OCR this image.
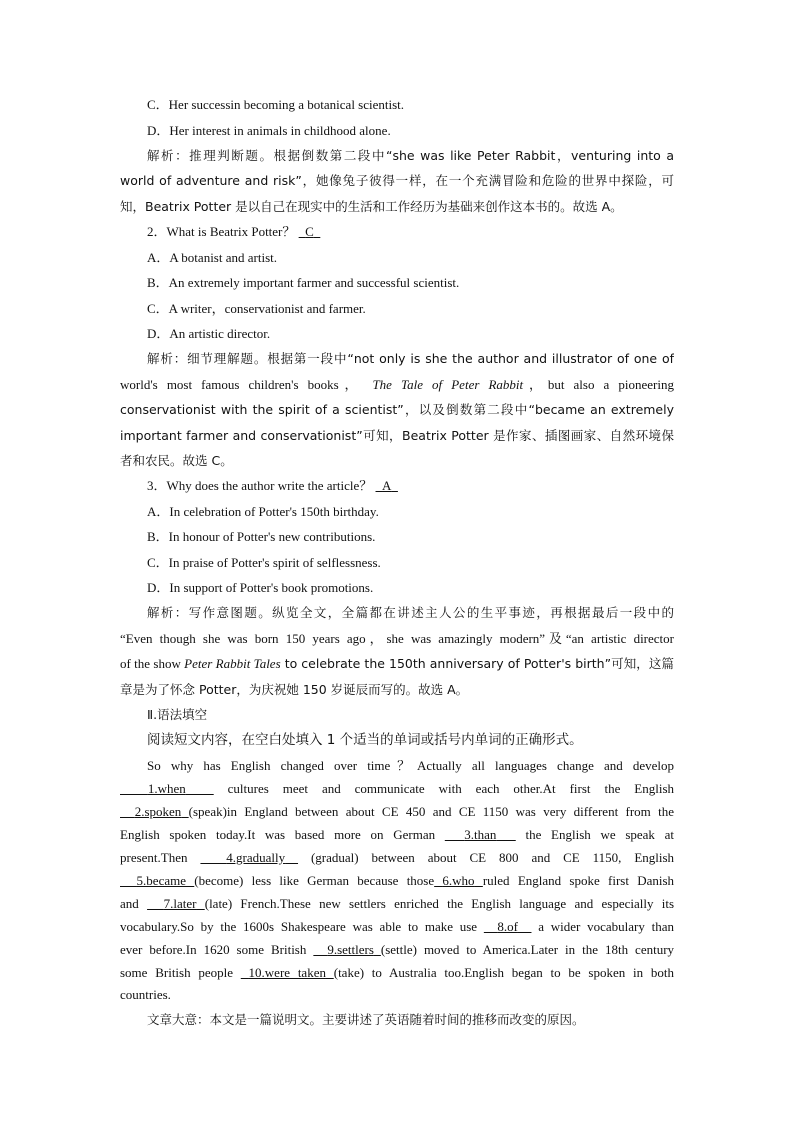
C．Her successin becoming a botanical scientist.
D．Her interest in animals in childhood alone.
解析：推理判断题。根据倒数第二段中“she was like Peter Rabbit，venturing into a
world of adventure and risk”，她像兔子彼得一样，在一个充满冒险和危险的世界中探险，可
知，Beatrix Potter 是以自己在现实中的生活和工作经历为基础来创作这本书的。故选 A。
2．What is Beatrix Potter？ C
A．A botanist and artist.
B．An extremely important farmer and successful scientist.
C．A writer，conservationist and farmer.
D．An artistic director.
解析：细节理解题。根据第一段中“not only is she the author and illustrator of one of
world's most famous children's books， The Tale of Peter Rabbit，but also a pioneering
conservationist with the spirit of a scientist”，以及倒数第二段中“became an extremely
important farmer and conservationist”可知，Beatrix Potter 是作家、插图画家、自然环境保
者和农民。故选 C。
3．Why does the author write the article？ A
A．In celebration of Potter's 150th birthday.
B．In honour of Potter's new contributions.
C．In praise of Potter's spirit of selflessness.
D．In support of Potter's book promotions.
解析：写作意图题。纵览全文，全篇都在讲述主人公的生平事迹，再根据最后一段中的
“Even though she was born 150 years ago，she was amazingly modern”及“an artistic director
of the show Peter Rabbit Tales to celebrate the 150th anniversary of Potter's birth”可知，这篇
章是为了怀念 Potter，为庆祝她 150 岁诞辰而写的。故选 A。
Ⅱ.语法填空
阅读短文内容，在空白处填入 1 个适当的单词或括号内单词的正确形式。
So why has English changed over time？Actually all languages change and develop
1.when	cultures meet and communicate with each other.At first the English
2.spoken (speak)in England between about CE 450 and CE 1150 was very different from the
English spoken today.It was based more on German 3.than the English we speak at
present.Then	4.gradually (gradual) between about CE 800 and CE 1150, English
5.became (become) less like German because those 6.who ruled England spoke first Danish
and 7.later (late) French.These new settlers enriched the English language and especially its
vocabulary.So by the 1600s Shakespeare was able to make use 8.of a wider vocabulary than
ever before.In 1620 some British 9.settlers (settle) moved to America.Later in the 18th century
some British people 10.were taken (take) to Australia too.English began to be spoken in both
countries.
文章大意：本文是一篇说明文。主要讲述了英语随着时间的推移而改变的原因。
